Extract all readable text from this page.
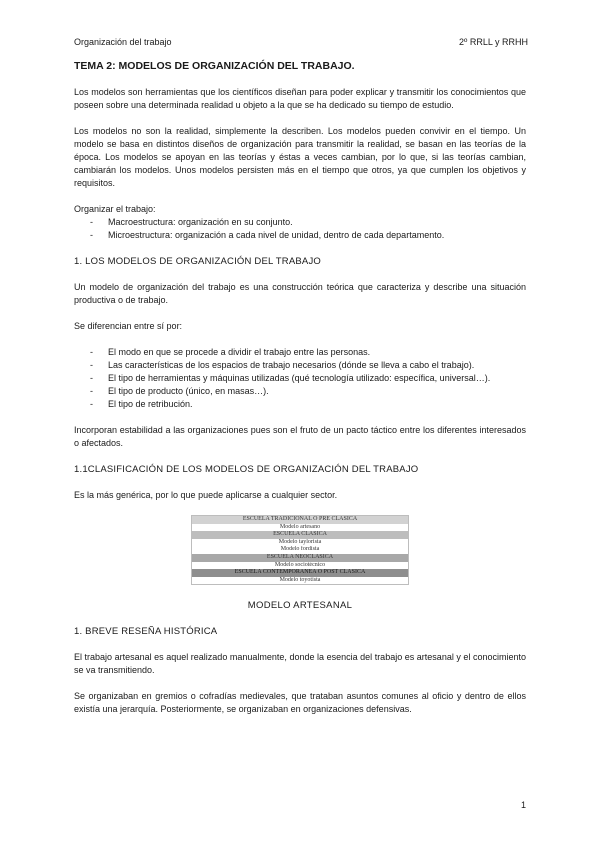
Organización del trabajo	2º RRLL y RRHH
TEMA 2: MODELOS DE ORGANIZACIÓN DEL TRABAJO.

Los modelos son herramientas que los científicos diseñan para poder explicar y transmitir los conocimientos que poseen sobre una determinada realidad u objeto a la que se ha dedicado su tiempo de estudio.

Los modelos no son la realidad, simplemente la describen. Los modelos pueden convivir en el tiempo. Un modelo se basa en distintos diseños de organización para transmitir la realidad, se basan en las teorías de la época. Los modelos se apoyan en las teorías y éstas a veces cambian, por lo que, si las teorías cambian, cambiarán los modelos. Unos modelos persisten más en el tiempo que otros, ya que cumplen los objetivos y requisitos.

Organizar el trabajo:

- Macroestructura: organización en su conjunto.
- Microestructura: organización a cada nivel de unidad, dentro de cada departamento.
1. LOS MODELOS DE ORGANIZACIÓN DEL TRABAJO

Un modelo de organización del trabajo es una construcción teórica que caracteriza y describe una situación productiva o de trabajo.

Se diferencian entre sí por:

- El modo en que se procede a dividir el trabajo entre las personas.
- Las características de los espacios de trabajo necesarios (dónde se lleva a cabo el trabajo).
- El tipo de herramientas y máquinas utilizadas (qué tecnología utilizado: específica, universal…).
- El tipo de producto (único, en masas…).
- El tipo de retribución.

Incorporan estabilidad a las organizaciones pues son el fruto de un pacto táctico entre los diferentes interesados o afectados.

1.1CLASIFICACIÓN DE LOS MODELOS DE ORGANIZACIÓN DEL TRABAJO

Es la más genérica, por lo que puede aplicarse a cualquier sector.

ESCUELA TRADICIONAL O PRE CLÁSICA
Modelo artesano
ESCUELA CLÁSICA
Modelo taylorista
Modelo fordista
ESCUELA NEOCLÁSICA
Modelo sociotécnico
ESCUELA CONTEMPORÁNEA O POST CLÁSICA
Modelo toyotista
MODELO ARTESANAL
1. BREVE RESEÑA HISTÓRICA

El trabajo artesanal es aquel realizado manualmente, donde la esencia del trabajo es artesanal y el conocimiento se va transmitiendo.

Se organizaban en gremios o cofradías medievales, que trataban asuntos comunes al oficio y dentro de ellos existía una jerarquía. Posteriormente, se organizaban en organizaciones defensivas.

1
